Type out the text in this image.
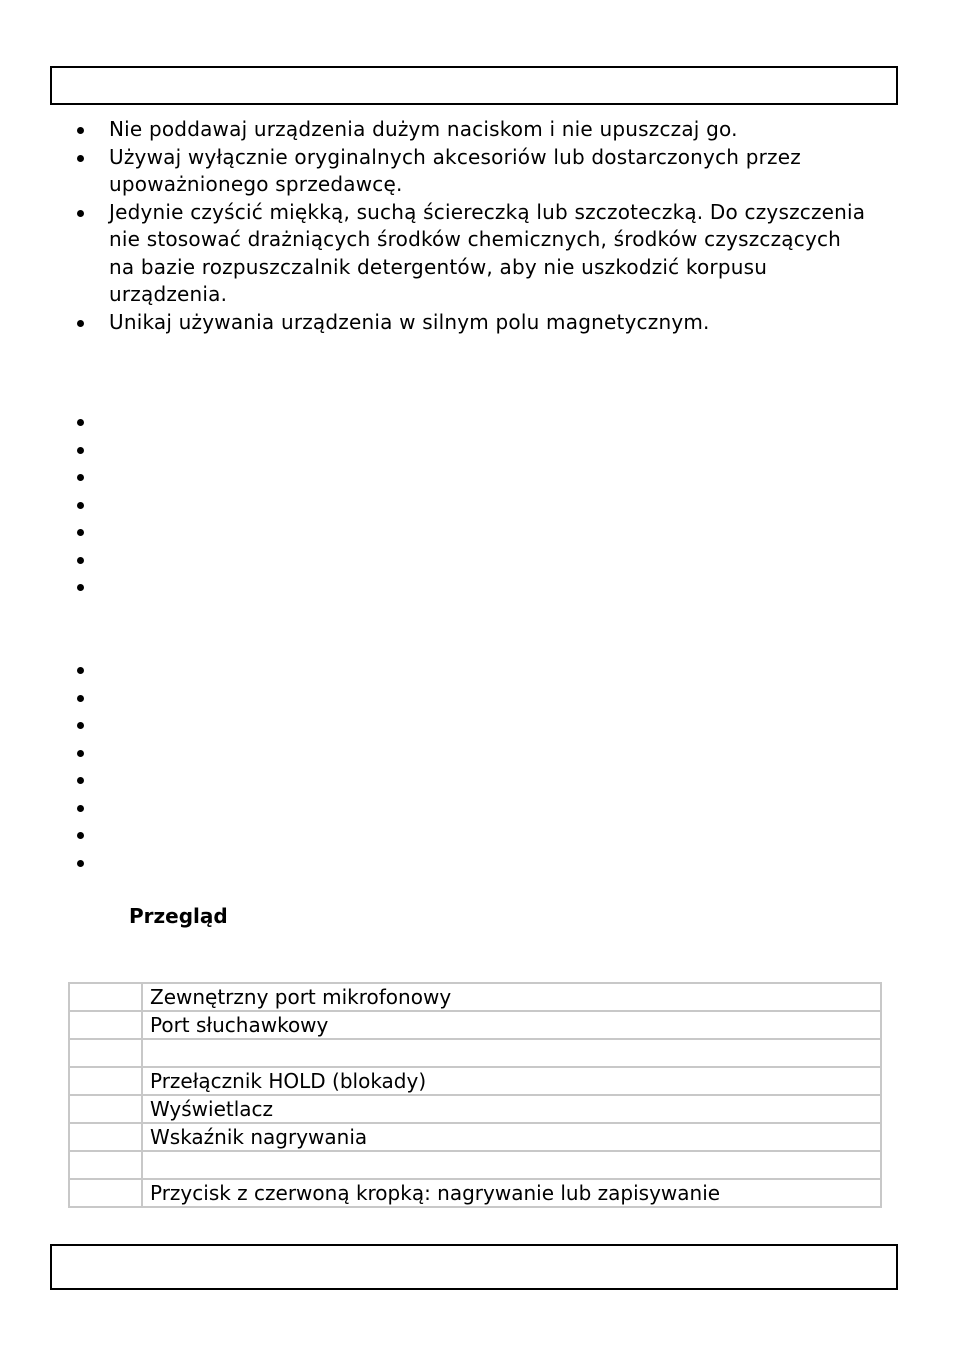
Nie poddawaj urządzenia dużym naciskom i nie upuszczaj go.
Używaj wyłącznie oryginalnych akcesoriów lub dostarczonych przez upoważnionego sprzedawcę.
Jedynie czyścić miękką, suchą ściereczką lub szczoteczką. Do czyszczenia nie stosować drażniących środków chemicznych, środków czyszczących na bazie rozpuszczalnik detergentów, aby nie uszkodzić korpusu urządzenia.
Unikaj używania urządzenia w silnym polu magnetycznym.
Przegląd
	Zewnętrzny port mikrofonowy
	Port słuchawkowy

	Przełącznik HOLD (blokady)
	Wyświetlacz
	Wskaźnik nagrywania

	Przycisk z czerwoną kropką: nagrywanie lub zapisywanie
